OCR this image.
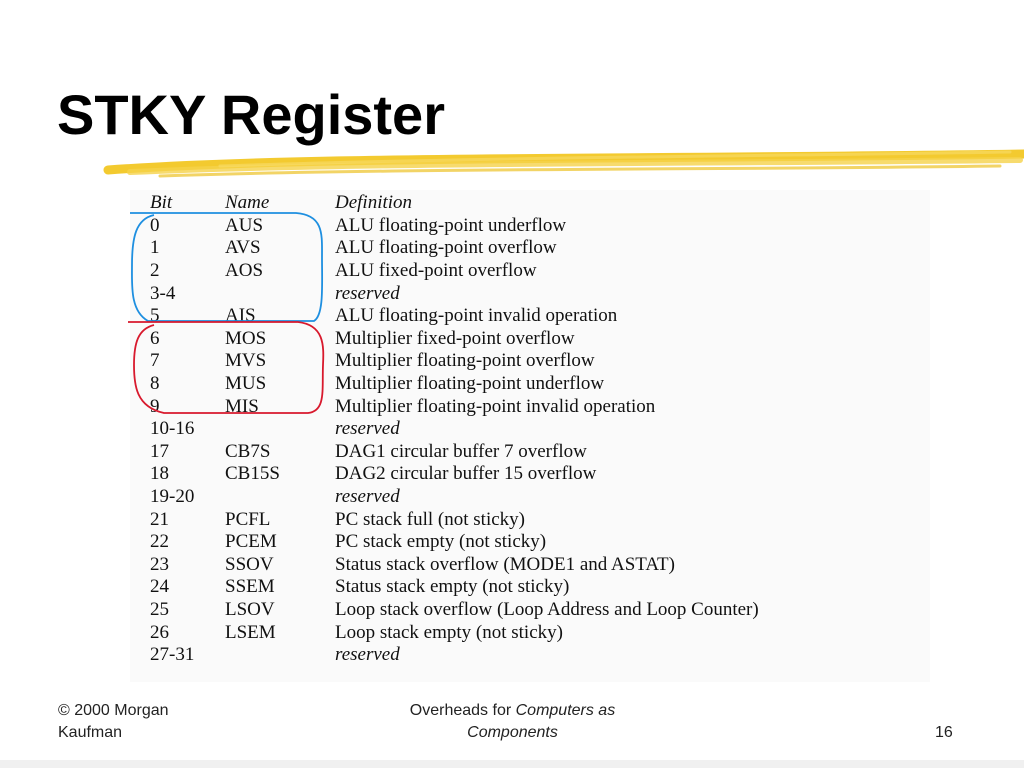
STKY Register
Bit	Name	Definition
0	AUS	ALU floating-point underflow
1	AVS	ALU floating-point overflow
2	AOS	ALU fixed-point overflow
3-4		reserved
5	AIS	ALU floating-point invalid operation
6	MOS	Multiplier fixed-point overflow
7	MVS	Multiplier floating-point overflow
8	MUS	Multiplier floating-point underflow
9	MIS	Multiplier floating-point invalid operation
10-16		reserved
17	CB7S	DAG1 circular buffer 7 overflow
18	CB15S	DAG2 circular buffer 15 overflow
19-20		reserved
21	PCFL	PC stack full (not sticky)
22	PCEM	PC stack empty (not sticky)
23	SSOV	Status stack overflow (MODE1 and ASTAT)
24	SSEM	Status stack empty (not sticky)
25	LSOV	Loop stack overflow (Loop Address and Loop Counter)
26	LSEM	Loop stack empty (not sticky)
27-31		reserved
© 2000 Morgan
Kaufman
Overheads for Computers as
Components	16
